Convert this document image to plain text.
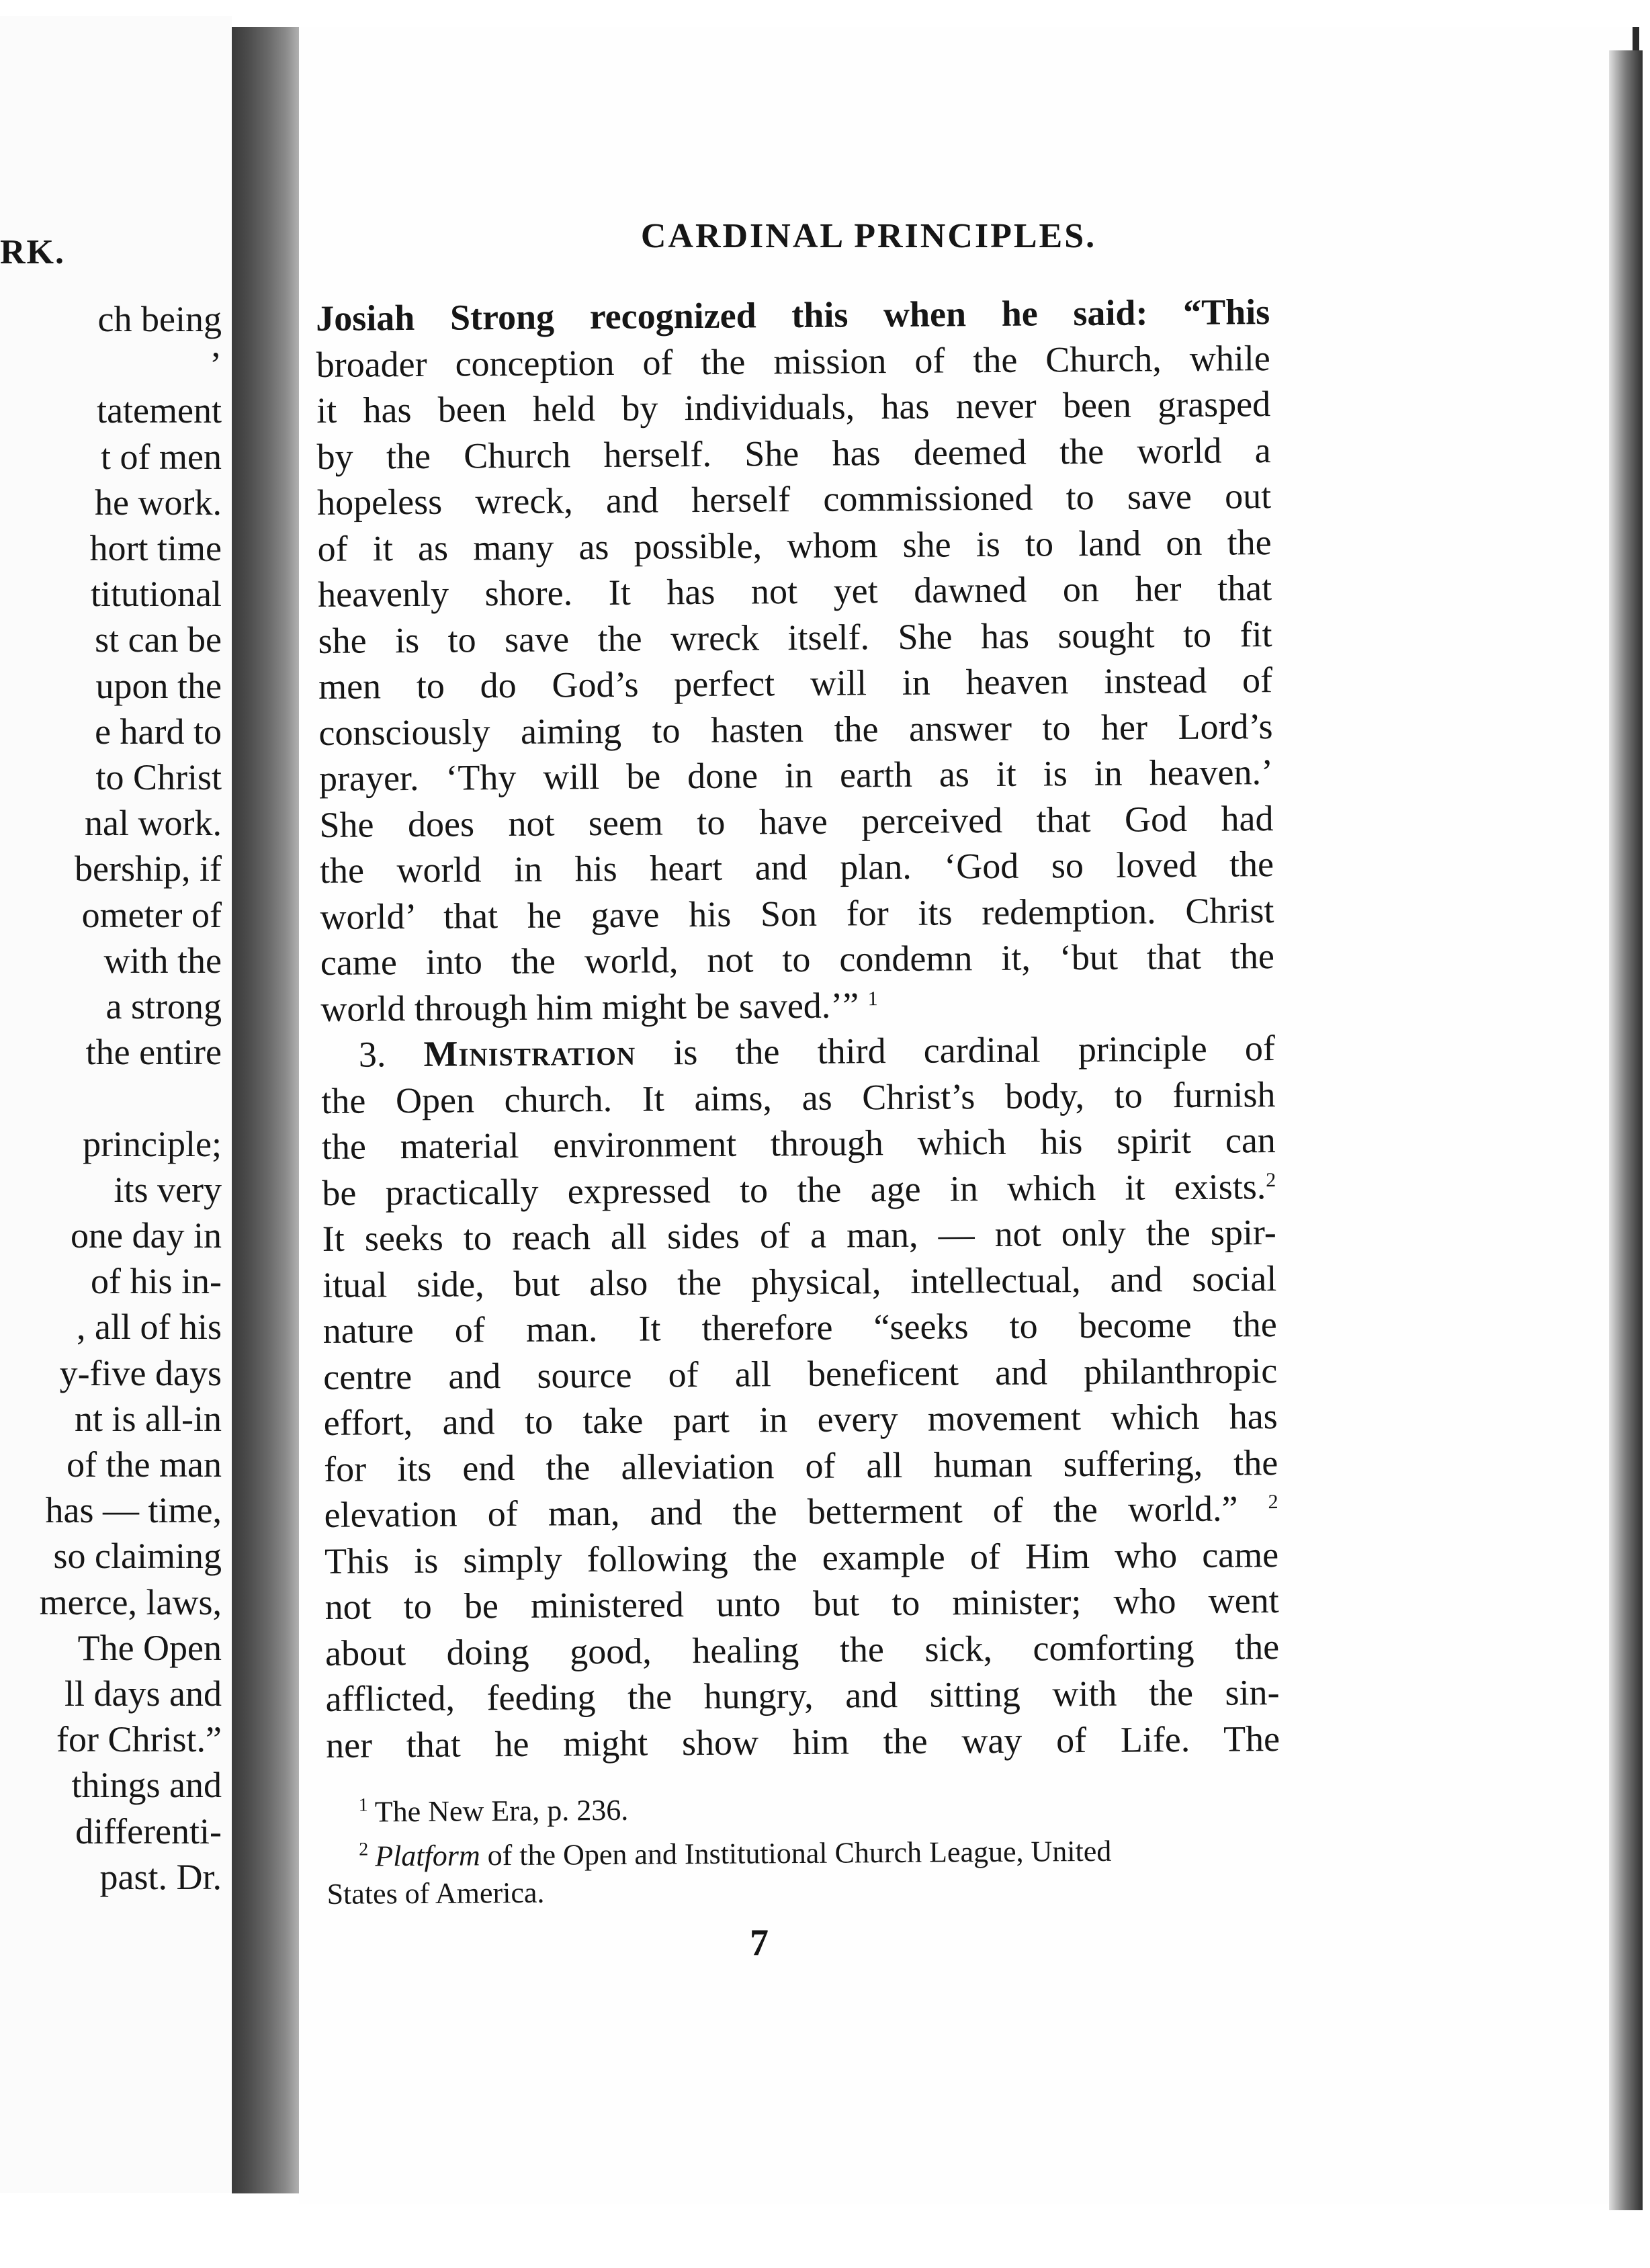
RK.
ch being
’
tatement
t of men
he work.
hort time
titutional
st can be
upon the
e hard to
to Christ
nal work.
bership, if
ometer of
with the
a strong
the entire
principle;
its very
one day in
of his in-
, all of his
y-five days
nt is all-in
of the man
has — time,
so claiming
merce, laws,
The Open
ll days and
for Christ.”
things and
differenti-
past. Dr.
CARDINAL PRINCIPLES.
Josiah Strong recognized this when he said: “This
broader conception of the mission of the Church, while
it has been held by individuals, has never been grasped
by the Church herself. She has deemed the world a
hopeless wreck, and herself commissioned to save out
of it as many as possible, whom she is to land on the
heavenly shore. It has not yet dawned on her that
she is to save the wreck itself. She has sought to fit
men to do God’s perfect will in heaven instead of
consciously aiming to hasten the answer to her Lord’s
prayer. ‘Thy will be done in earth as it is in heaven.’
She does not seem to have perceived that God had
the world in his heart and plan. ‘God so loved the
world’ that he gave his Son for its redemption. Christ
came into the world, not to condemn it, ‘but that the
world through him might be saved.’” $^1$
3. Ministration is the third cardinal principle of
the Open church. It aims, as Christ’s body, to furnish
the material environment through which his spirit can
be practically expressed to the age in which it exists.$^2$
It seeks to reach all sides of a man, — not only the spir-
itual side, but also the physical, intellectual, and social
nature of man. It therefore “seeks to become the
centre and source of all beneficent and philanthropic
effort, and to take part in every movement which has
for its end the alleviation of all human suffering, the
elevation of man, and the betterment of the world.” $^2$
This is simply following the example of Him who came
not to be ministered unto but to minister; who went
about doing good, healing the sick, comforting the
afflicted, feeding the hungry, and sitting with the sin-
ner that he might show him the way of Life. The
$^1$ The New Era, p. 236.
$^2$ Platform of the Open and Institutional Church League, United
States of America.
7
